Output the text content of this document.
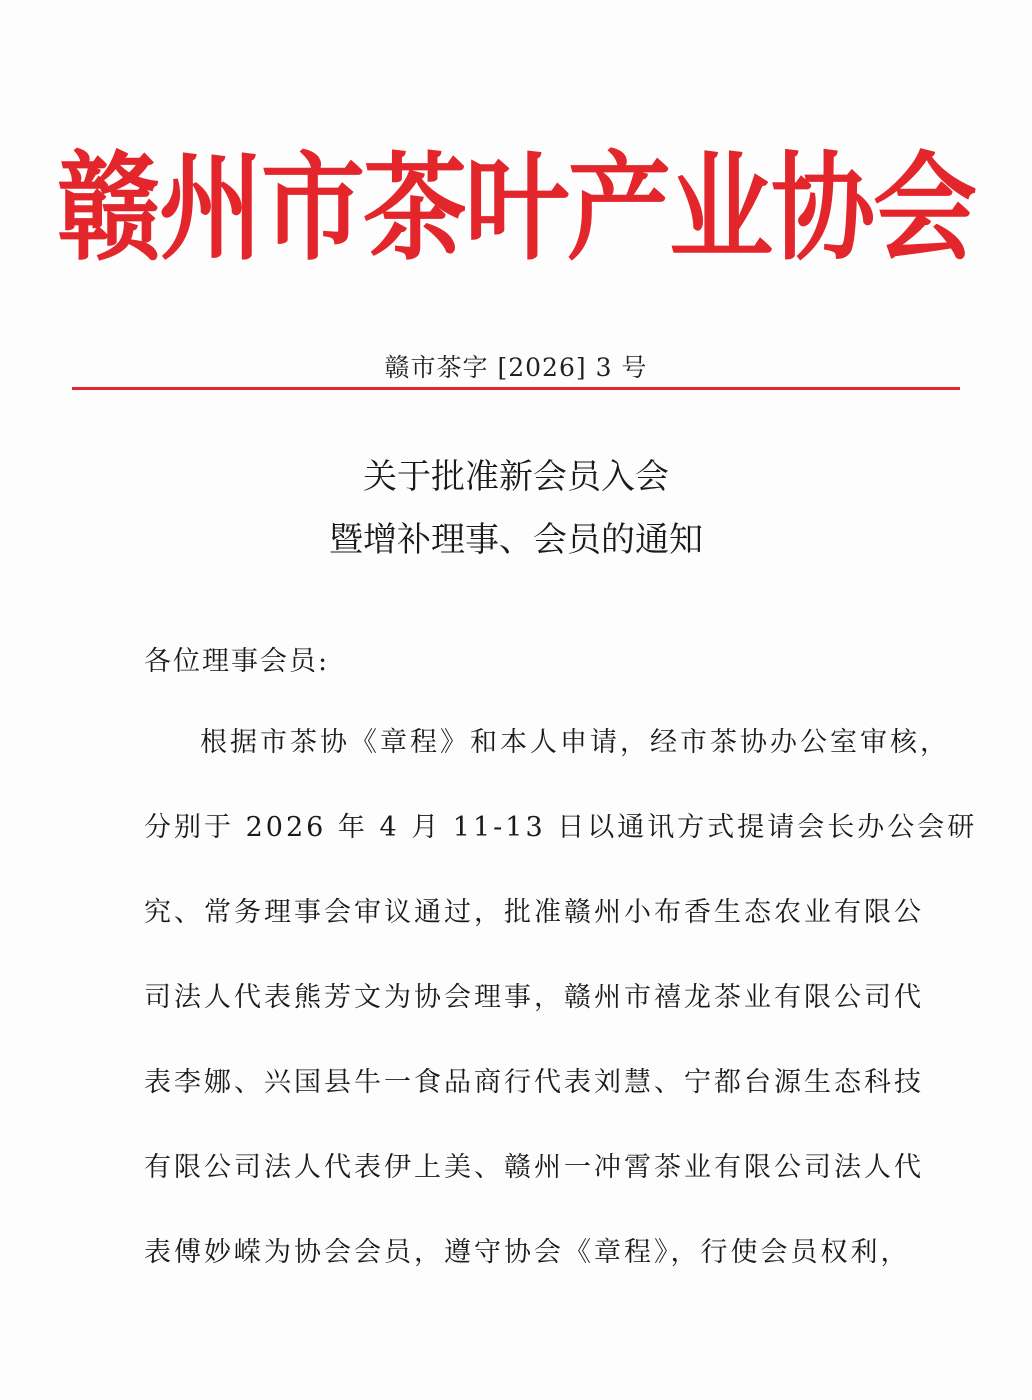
赣州市茶叶产业协会
赣市茶字 [2026] 3 号
关于批准新会员入会
暨增补理事、会员的通知
各位理事会员:
根据市茶协《章程》和本人申请，经市茶协办公室审核，
分别于 2026 年 4 月 11-13 日以通讯方式提请会长办公会研
究、常务理事会审议通过，批准赣州小布香生态农业有限公
司法人代表熊芳文为协会理事，赣州市禧龙茶业有限公司代
表李娜、兴国县牛一食品商行代表刘慧、宁都台源生态科技
有限公司法人代表伊上美、赣州一冲霄茶业有限公司法人代
表傅妙嵘为协会会员，遵守协会《章程》，行使会员权利，
